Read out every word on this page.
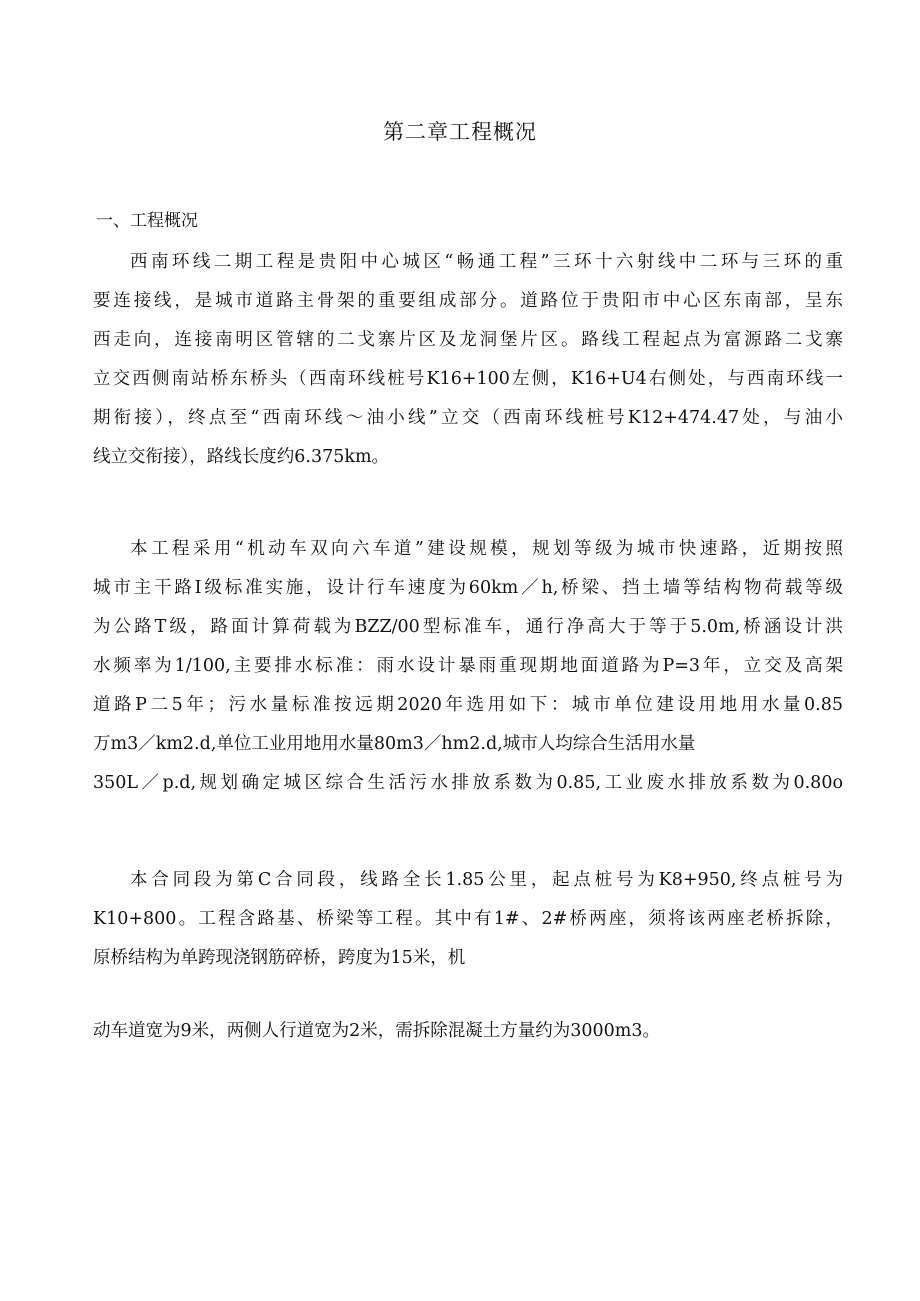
第二章工程概况
一、工程概况
西南环线二期工程是贵阳中心城区“畅通工程”三环十六射线中二环与三环的重
要连接线，是城市道路主骨架的重要组成部分。道路位于贵阳市中心区东南部，呈东
西走向，连接南明区管辖的二戈寨片区及龙洞堡片区。路线工程起点为富源路二戈寨
立交西侧南站桥东桥头（西南环线桩号K16+100左侧，K16+U4右侧处，与西南环线一
期衔接），终点至“西南环线～油小线”立交（西南环线桩号K12+474.47处，与油小
线立交衔接），路线长度约6.375km。
本工程采用“机动车双向六车道”建设规模，规划等级为城市快速路，近期按照
城市主干路Ⅰ级标准实施，设计行车速度为60km／h,桥梁、挡土墙等结构物荷载等级
为公路T级，路面计算荷载为BZZ/00型标准车，通行净高大于等于5.0m,桥涵设计洪
水频率为1/100,主要排水标准：雨水设计暴雨重现期地面道路为P=3年，立交及高架
道路P二5年；污水量标准按远期2020年选用如下：城市单位建设用地用水量0.85
万m3／km2.d,单位工业用地用水量80m3／hm2.d,城市人均综合生活用水量
350L／p.d,规划确定城区综合生活污水排放系数为0.85,工业废水排放系数为0.80o
本合同段为第C合同段，线路全长1.85公里，起点桩号为K8+950,终点桩号为
K10+800。工程含路基、桥梁等工程。其中有1#、2#桥两座，须将该两座老桥拆除，
原桥结构为单跨现浇钢筋碎桥，跨度为15米，机
动车道宽为9米，两侧人行道宽为2米，需拆除混凝土方量约为3000m3。
